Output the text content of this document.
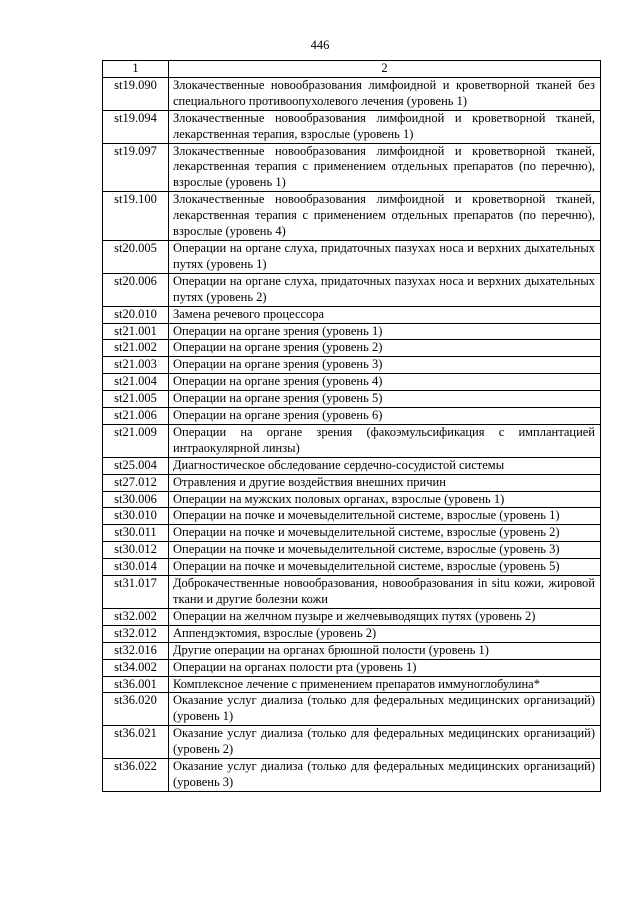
446
1	2
st19.090	Злокачественные новообразования лимфоидной и кроветворной тканей без специального противоопухолевого лечения (уровень 1)
st19.094	Злокачественные новообразования лимфоидной и кроветворной тканей, лекарственная терапия, взрослые (уровень 1)
st19.097	Злокачественные новообразования лимфоидной и кроветворной тканей, лекарственная терапия с применением отдельных препаратов (по перечню), взрослые (уровень 1)
st19.100	Злокачественные новообразования лимфоидной и кроветворной тканей, лекарственная терапия с применением отдельных препаратов (по перечню), взрослые (уровень 4)
st20.005	Операции на органе слуха, придаточных пазухах носа и верхних дыхательных путях (уровень 1)
st20.006	Операции на органе слуха, придаточных пазухах носа и верхних дыхательных путях (уровень 2)
st20.010	Замена речевого процессора
st21.001	Операции на органе зрения (уровень 1)
st21.002	Операции на органе зрения (уровень 2)
st21.003	Операции на органе зрения (уровень 3)
st21.004	Операции на органе зрения (уровень 4)
st21.005	Операции на органе зрения (уровень 5)
st21.006	Операции на органе зрения (уровень 6)
st21.009	Операции на органе зрения (факоэмульсификация с имплантацией интраокулярной линзы)
st25.004	Диагностическое обследование сердечно-сосудистой системы
st27.012	Отравления и другие воздействия внешних причин
st30.006	Операции на мужских половых органах, взрослые (уровень 1)
st30.010	Операции на почке и мочевыделительной системе, взрослые (уровень 1)
st30.011	Операции на почке и мочевыделительной системе, взрослые (уровень 2)
st30.012	Операции на почке и мочевыделительной системе, взрослые (уровень 3)
st30.014	Операции на почке и мочевыделительной системе, взрослые (уровень 5)
st31.017	Доброкачественные новообразования, новообразования in situ кожи, жировой ткани и другие болезни кожи
st32.002	Операции на желчном пузыре и желчевыводящих путях (уровень 2)
st32.012	Аппендэктомия, взрослые (уровень 2)
st32.016	Другие операции на органах брюшной полости (уровень 1)
st34.002	Операции на органах полости рта (уровень 1)
st36.001	Комплексное лечение с применением препаратов иммуноглобулина*
st36.020	Оказание услуг диализа (только для федеральных медицинских организаций) (уровень 1)
st36.021	Оказание услуг диализа (только для федеральных медицинских организаций) (уровень 2)
st36.022	Оказание услуг диализа (только для федеральных медицинских организаций) (уровень 3)
